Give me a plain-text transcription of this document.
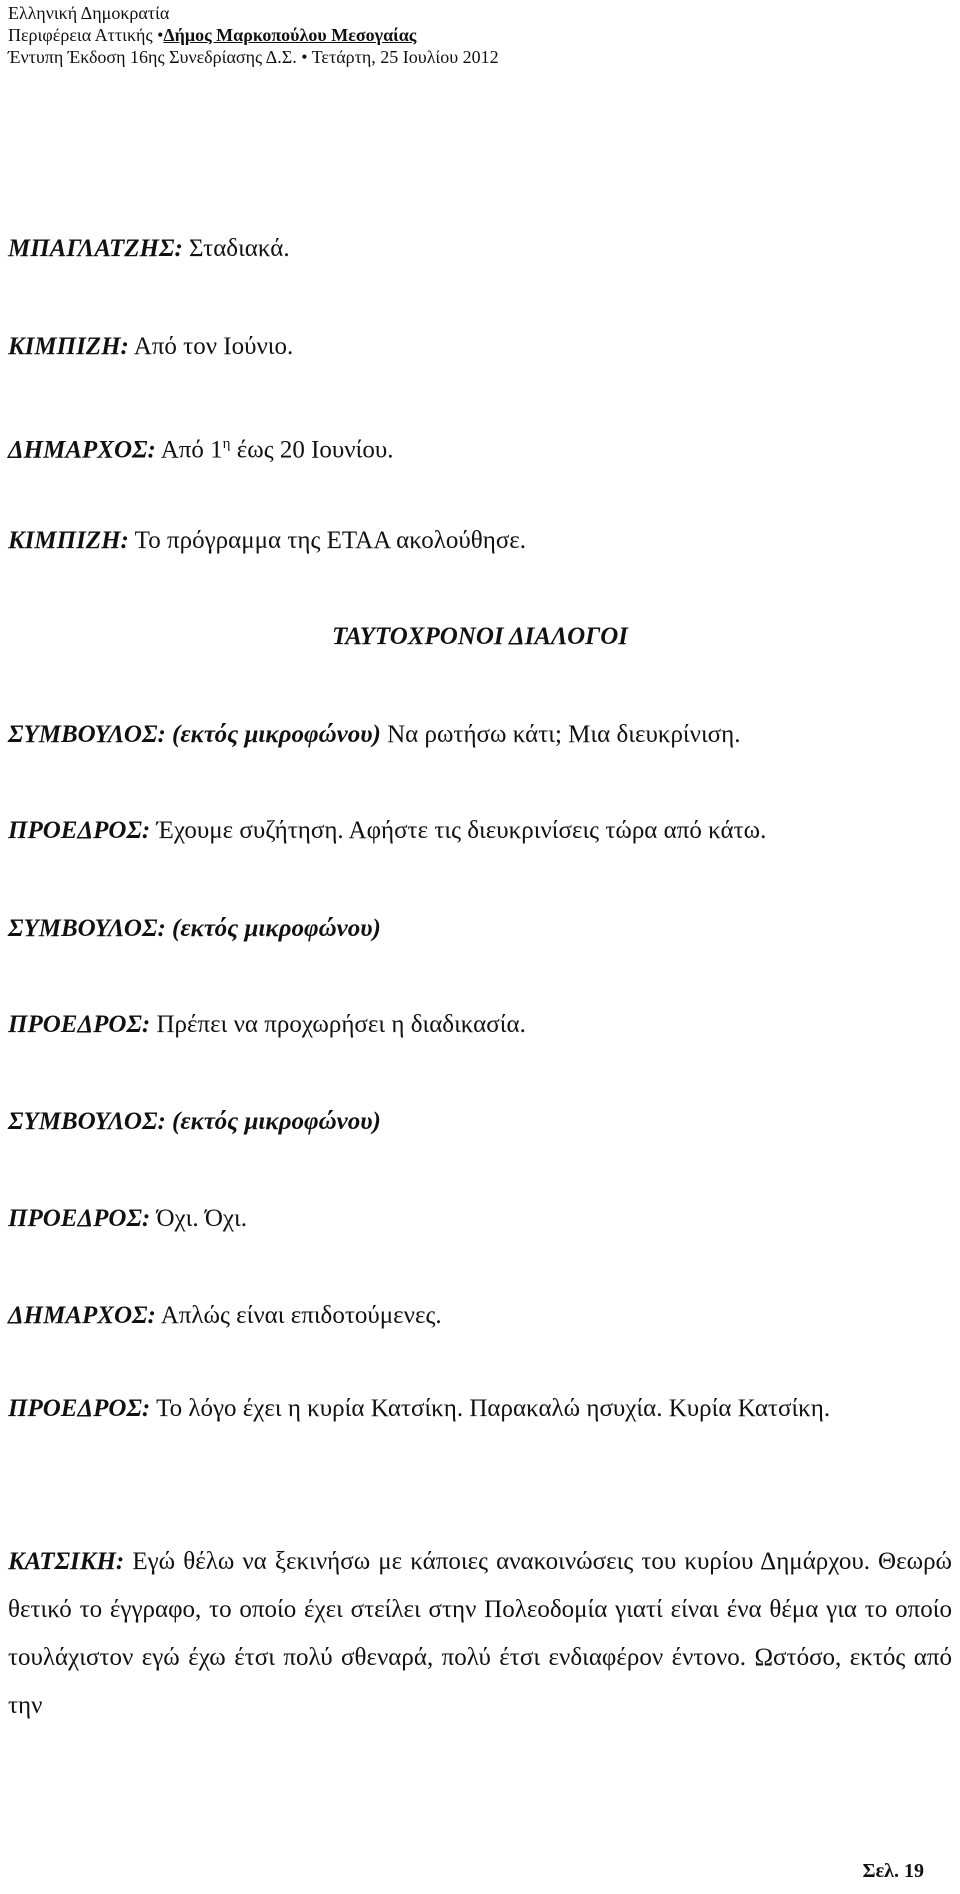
Ελληνική Δημοκρατία
Περιφέρεια Αττικής •Δήμος Μαρκοπούλου Μεσογαίας
Έντυπη Έκδοση 16ης Συνεδρίασης Δ.Σ. • Τετάρτη, 25 Ιουλίου 2012

ΜΠΑΓΛΑΤΖΗΣ: Σταδιακά.

ΚΙΜΠΙΖΗ: Από τον Ιούνιο.

ΔΗΜΑΡΧΟΣ: Από $1^\eta$ έως 20 Ιουνίου.

ΚΙΜΠΙΖΗ: Το πρόγραμμα της ΕΤΑΑ ακολούθησε.

ΤΑΥΤΟΧΡΟΝΟΙ ΔΙΑΛΟΓΟΙ

ΣΥΜΒΟΥΛΟΣ: (εκτός μικροφώνου) Να ρωτήσω κάτι; Μια διευκρίνιση.

ΠΡΟΕΔΡΟΣ: Έχουμε συζήτηση. Αφήστε τις διευκρινίσεις τώρα από κάτω.

ΣΥΜΒΟΥΛΟΣ: (εκτός μικροφώνου)

ΠΡΟΕΔΡΟΣ: Πρέπει να προχωρήσει η διαδικασία.

ΣΥΜΒΟΥΛΟΣ: (εκτός μικροφώνου)

ΠΡΟΕΔΡΟΣ: Όχι. Όχι.

ΔΗΜΑΡΧΟΣ: Απλώς είναι επιδοτούμενες.

ΠΡΟΕΔΡΟΣ: Το λόγο έχει η κυρία Κατσίκη. Παρακαλώ ησυχία. Κυρία Κατσίκη.

ΚΑΤΣΙΚΗ: Εγώ θέλω να ξεκινήσω με κάποιες ανακοινώσεις του κυρίου Δημάρχου. Θεωρώ θετικό το έγγραφο, το οποίο έχει στείλει στην Πολεοδομία γιατί είναι ένα θέμα για το οποίο τουλάχιστον εγώ έχω έτσι πολύ σθεναρά, πολύ έτσι ενδιαφέρον έντονο. Ωστόσο, εκτός από την

Σελ. 19
